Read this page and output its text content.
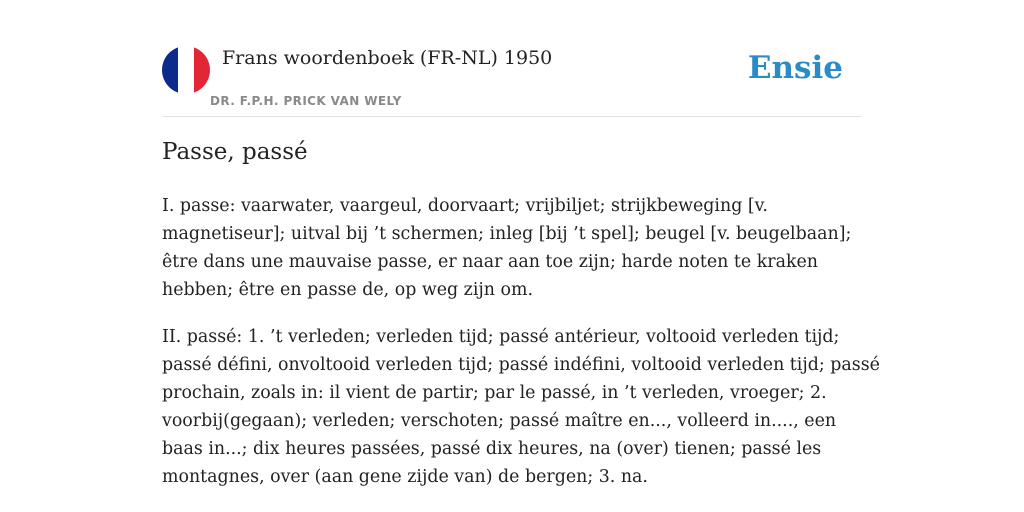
Frans woordenboek (FR-NL) 1950
DR. F.P.H. PRICK VAN WELY
Ensie
Passe, passé

I. passe: vaarwater, vaargeul, doorvaart; vrijbiljet; strijkbeweging [v. magnetiseur]; uitval bij ’t schermen; inleg [bij ’t spel]; beugel [v. beugelbaan]; être dans une mauvaise passe, er naar aan toe zijn; harde noten te kraken hebben; être en passe de, op weg zijn om.

II. passé: 1. ’t verleden; verleden tijd; passé antérieur, voltooid verleden tijd; passé défini, onvoltooid verleden tijd; passé indéfini, voltooid verleden tijd; passé prochain, zoals in: il vient de partir; par le passé, in ’t verleden, vroeger; 2. voorbij(gegaan); verleden; verschoten; passé maître en..., volleerd in...., een baas in...; dix heures passées, passé dix heures, na (over) tienen; passé les montagnes, over (aan gene zijde van) de bergen; 3. na.
